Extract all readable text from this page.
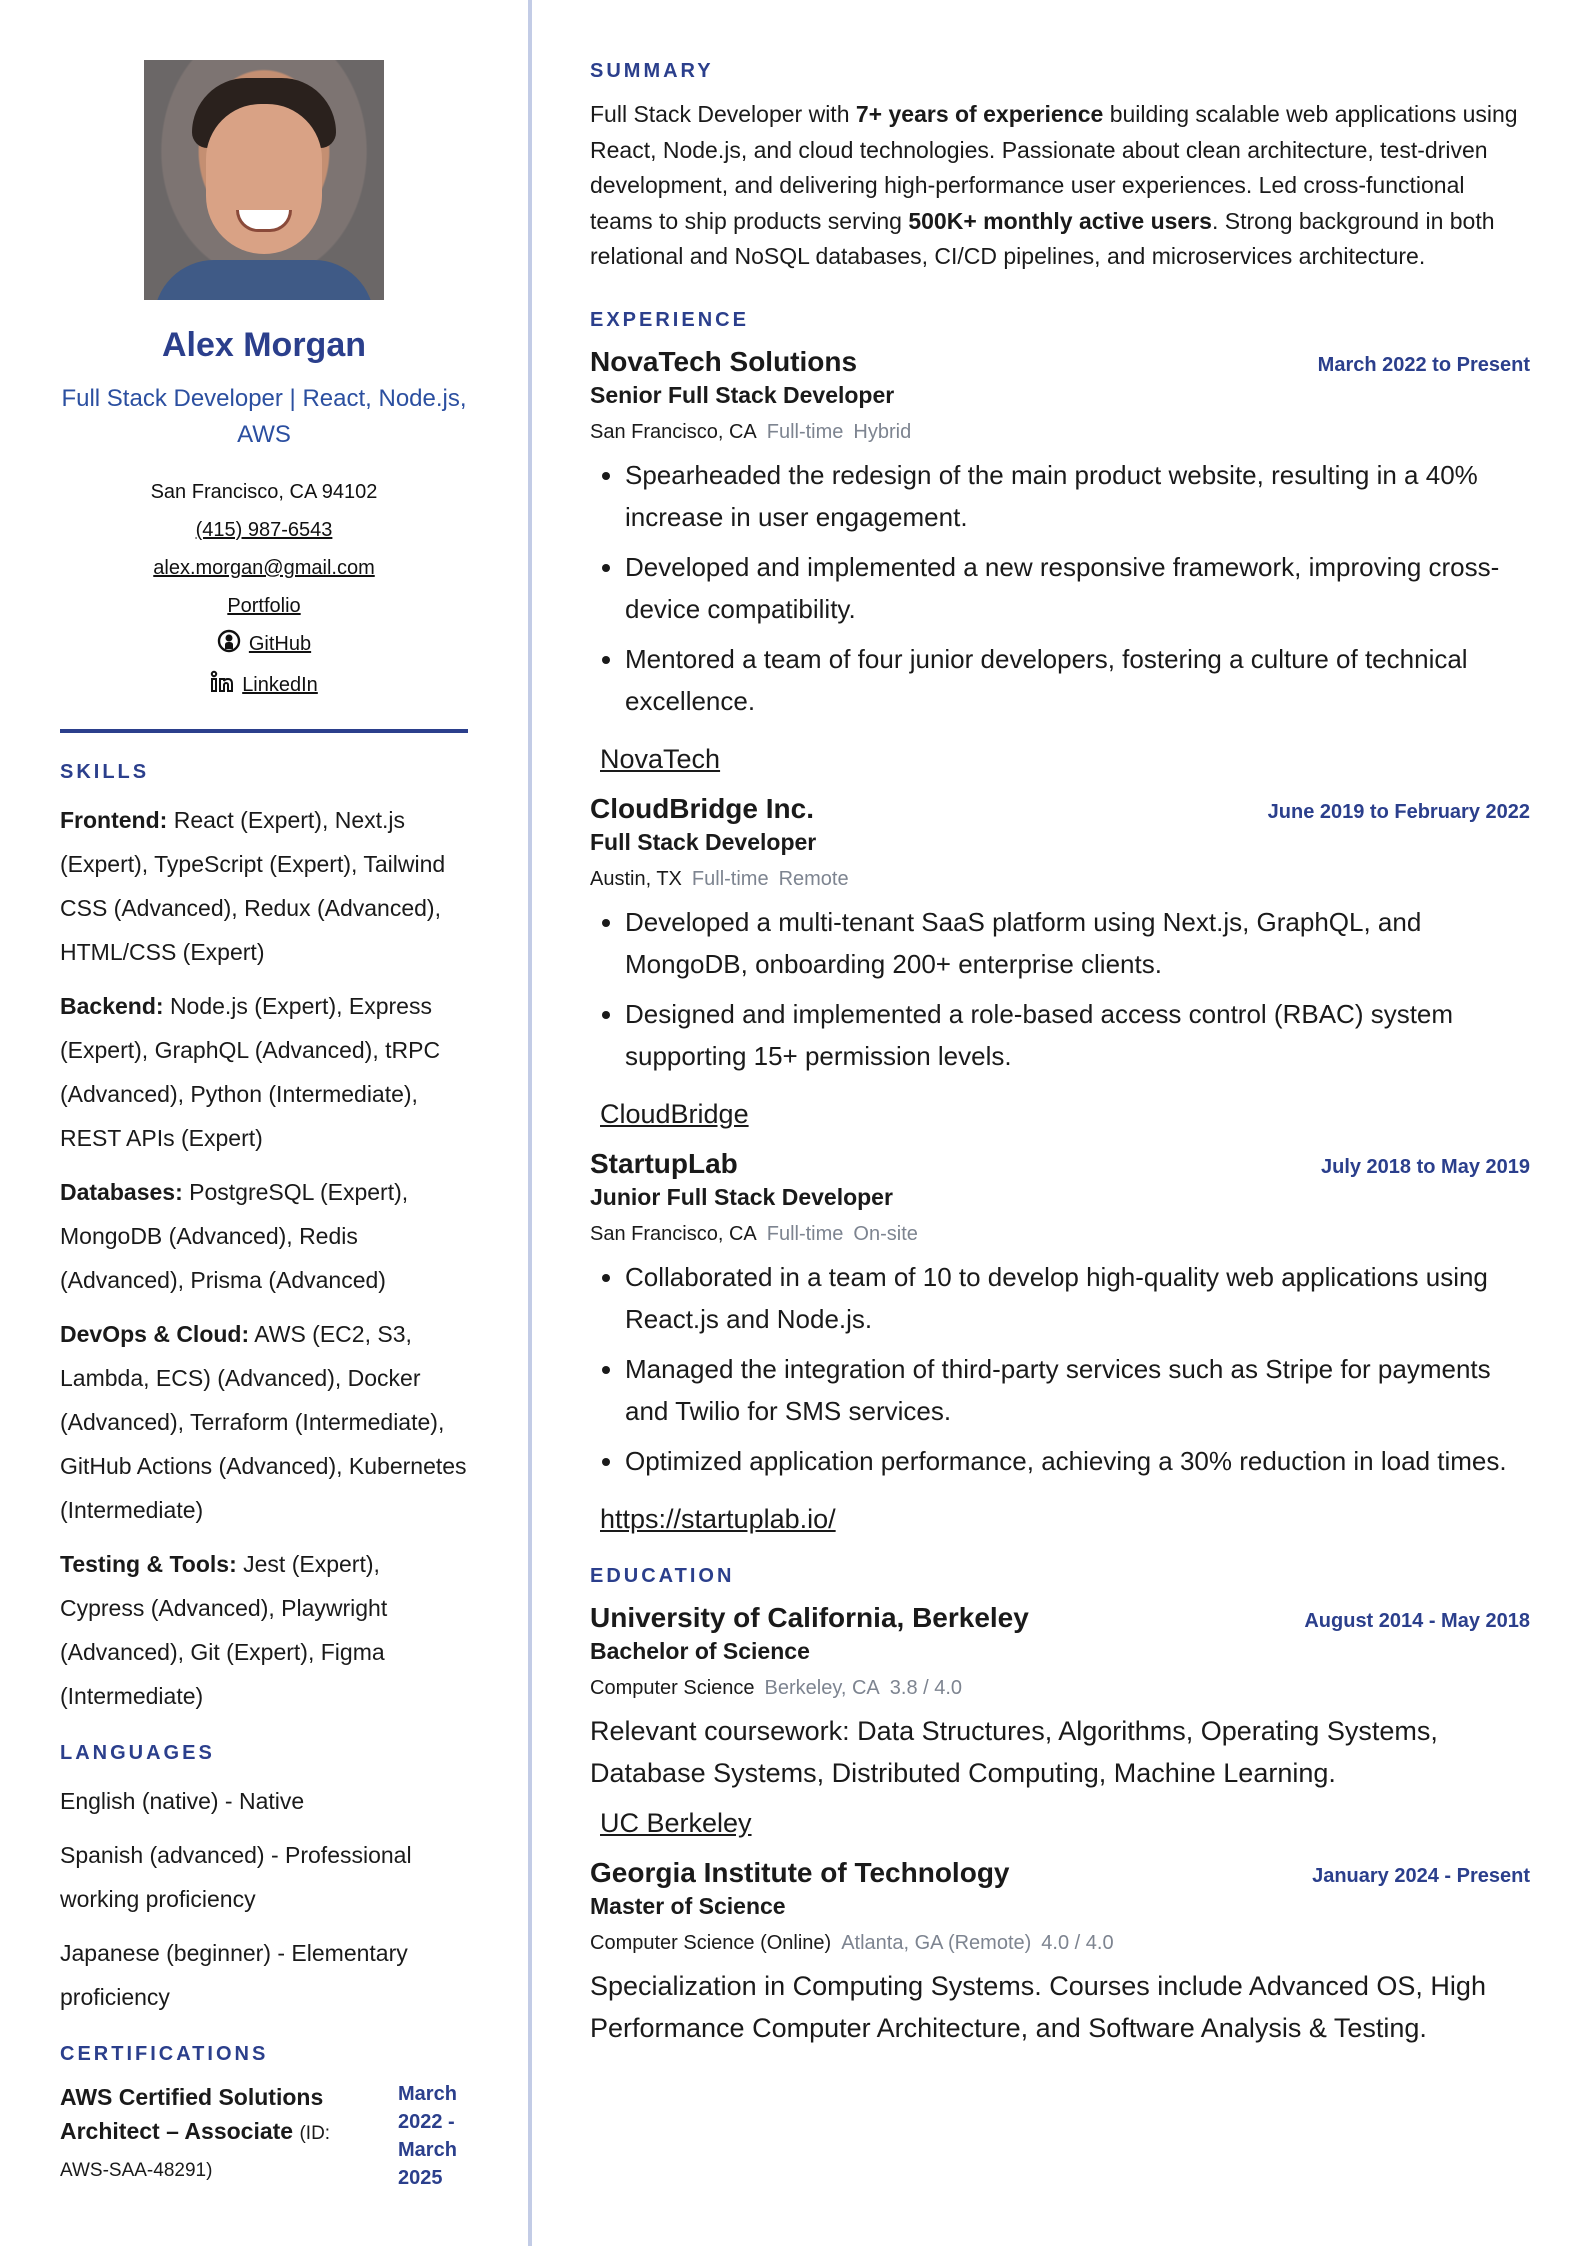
Alex Morgan
Full Stack Developer | React, Node.js, AWS
San Francisco, CA 94102
(415) 987-6543
alex.morgan@gmail.com
Portfolio
GitHub
LinkedIn
SKILLS
Frontend: React (Expert), Next.js (Expert), TypeScript (Expert), Tailwind CSS (Advanced), Redux (Advanced), HTML/CSS (Expert)
Backend: Node.js (Expert), Express (Expert), GraphQL (Advanced), tRPC (Advanced), Python (Intermediate), REST APIs (Expert)
Databases: PostgreSQL (Expert), MongoDB (Advanced), Redis (Advanced), Prisma (Advanced)
DevOps & Cloud: AWS (EC2, S3, Lambda, ECS) (Advanced), Docker (Advanced), Terraform (Intermediate), GitHub Actions (Advanced), Kubernetes (Intermediate)
Testing & Tools: Jest (Expert), Cypress (Advanced), Playwright (Advanced), Git (Expert), Figma (Intermediate)
LANGUAGES
English (native) - Native
Spanish (advanced) - Professional working proficiency
Japanese (beginner) - Elementary proficiency
CERTIFICATIONS
AWS Certified Solutions Architect – Associate (ID: AWS-SAA-48291)
March 2022 - March 2025
SUMMARY

Full Stack Developer with 7+ years of experience building scalable web applications using React, Node.js, and cloud technologies. Passionate about clean architecture, test-driven development, and delivering high-performance user experiences. Led cross-functional teams to ship products serving 500K+ monthly active users. Strong background in both relational and NoSQL databases, CI/CD pipelines, and microservices architecture.

EXPERIENCE
NovaTech Solutions	March 2022 to Present
Senior Full Stack Developer
San Francisco, CA Full-time Hybrid
• Spearheaded the redesign of the main product website, resulting in a 40% increase in user engagement.
• Developed and implemented a new responsive framework, improving cross-device compatibility.
• Mentored a team of four junior developers, fostering a culture of technical excellence.
NovaTech
CloudBridge Inc.	June 2019 to February 2022
Full Stack Developer
Austin, TX Full-time Remote
• Developed a multi-tenant SaaS platform using Next.js, GraphQL, and MongoDB, onboarding 200+ enterprise clients.
• Designed and implemented a role-based access control (RBAC) system supporting 15+ permission levels.
CloudBridge
StartupLab	July 2018 to May 2019
Junior Full Stack Developer
San Francisco, CA Full-time On-site
• Collaborated in a team of 10 to develop high-quality web applications using React.js and Node.js.
• Managed the integration of third-party services such as Stripe for payments and Twilio for SMS services.
• Optimized application performance, achieving a 30% reduction in load times.
https://startuplab.io/
EDUCATION
University of California, Berkeley	August 2014 - May 2018
Bachelor of Science
Computer Science Berkeley, CA 3.8 / 4.0

Relevant coursework: Data Structures, Algorithms, Operating Systems, Database Systems, Distributed Computing, Machine Learning.

UC Berkeley
Georgia Institute of Technology	January 2024 - Present
Master of Science
Computer Science (Online) Atlanta, GA (Remote) 4.0 / 4.0

Specialization in Computing Systems. Courses include Advanced OS, High Performance Computer Architecture, and Software Analysis & Testing.
